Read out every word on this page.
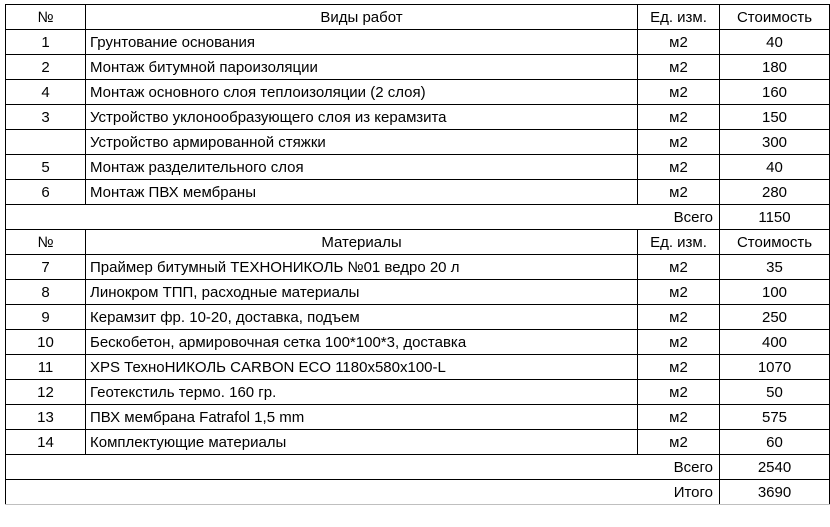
№	Виды работ	Ед. изм.	Стоимость
1	Грунтование основания	м2	40
2	Монтаж битумной пароизоляции	м2	180
4	Монтаж основного слоя теплоизоляции (2 слоя)	м2	160
3	Устройство уклонообразующего слоя из керамзита	м2	150
	Устройство армированной стяжки	м2	300
5	Монтаж разделительного слоя	м2	40
6	Монтаж ПВХ мембраны	м2	280
		Всего	1150
№	Материалы	Ед. изм.	Стоимость
7	Праймер битумный ТЕХНОНИКОЛЬ №01 ведро 20 л	м2	35
8	Линокром ТПП, расходные материалы	м2	100
9	Керамзит фр. 10-20, доставка, подъем	м2	250
10	Бескобетон, армировочная сетка 100*100*3, доставка	м2	400
11	XPS ТехноНИКОЛЬ CARBON ECO 1180x580x100-L	м2	1070
12	Геотекстиль термо. 160 гр.	м2	50
13	ПВХ мембрана Fatrafol 1,5 mm	м2	575
14	Комплектующие материалы	м2	60
		Всего	2540
		Итого	3690
